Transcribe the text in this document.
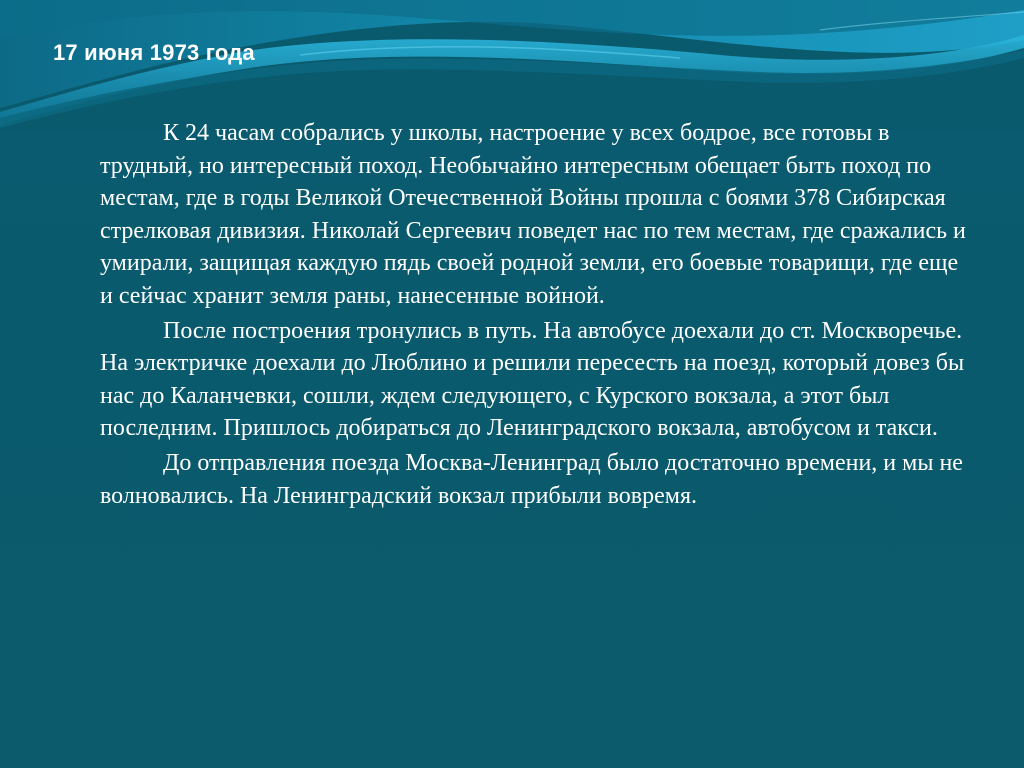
17 июня 1973 года

К 24 часам собрались у школы, настроение у всех бодрое, все готовы в трудный, но интересный поход. Необычайно интересным обещает быть поход по местам, где в годы Великой Отечественной Войны прошла с боями 378 Сибирская стрелковая дивизия. Николай Сергеевич поведет нас по тем местам, где сражались и умирали, защищая каждую пядь своей родной земли, его боевые товарищи, где еще и сейчас хранит земля раны, нанесенные войной.

После построения тронулись в путь. На автобусе доехали до ст. Москворечье. На электричке доехали до Люблино и решили пересесть на поезд, который довез бы нас до Каланчевки, сошли, ждем следующего, с Курского вокзала, а этот был последним. Пришлось добираться до Ленинградского вокзала, автобусом и такси.

До отправления поезда Москва-Ленинград было достаточно времени, и мы не волновались. На Ленинградский вокзал прибыли вовремя.
